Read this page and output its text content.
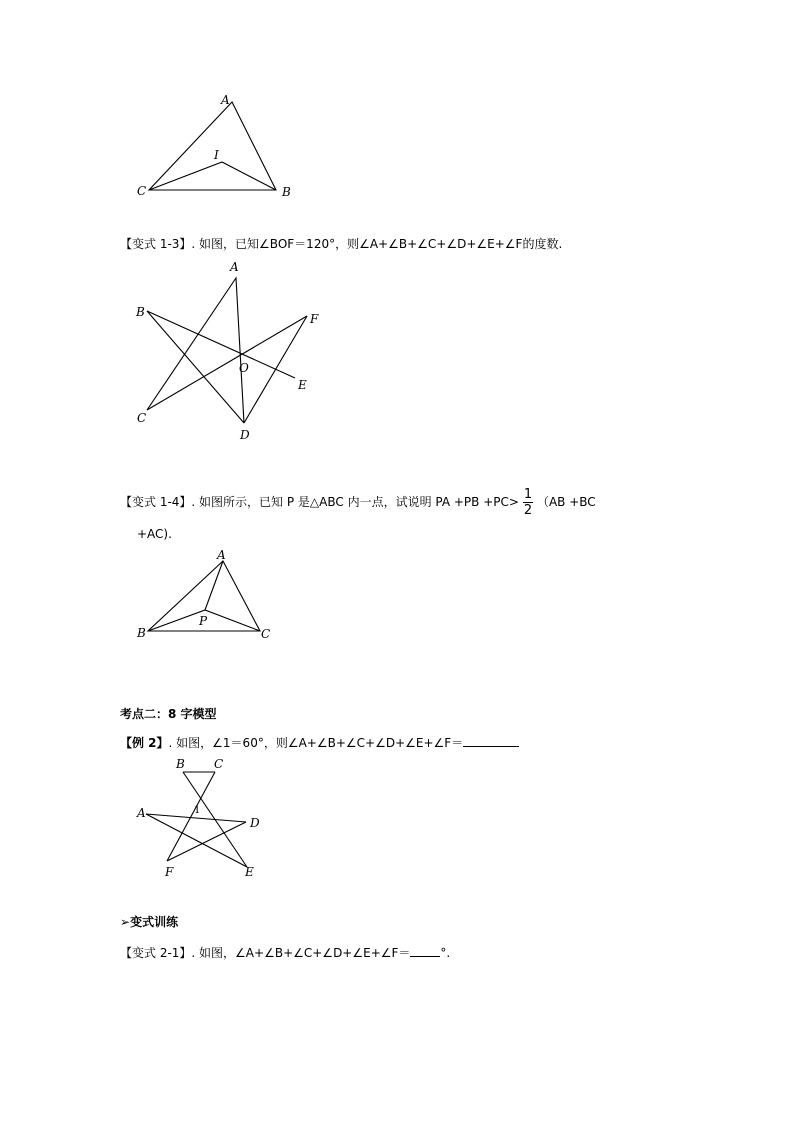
A
I
C	B
【变式 1-3】. 如图，已知∠BOF＝120°，则∠A+∠B+∠C+∠D+∠E+∠F的度数.
A
B	F
O
E
C
D
【变式 1-4】. 如图所示，已知 P 是△ABC 内一点，试说明 PA $+PB +PC> \frac{1}{2} (AB +BC$
+AC).
A
P
B	C
考点二：8 字模型
【例 2】. 如图，∠1＝60°，则∠A+∠B+∠C+∠D+∠E+∠F＝
B C
A	1
D
F	E
➢变式训练
【变式 2-1】. 如图，∠A+∠B+∠C+∠D+∠E+∠F＝	°.
